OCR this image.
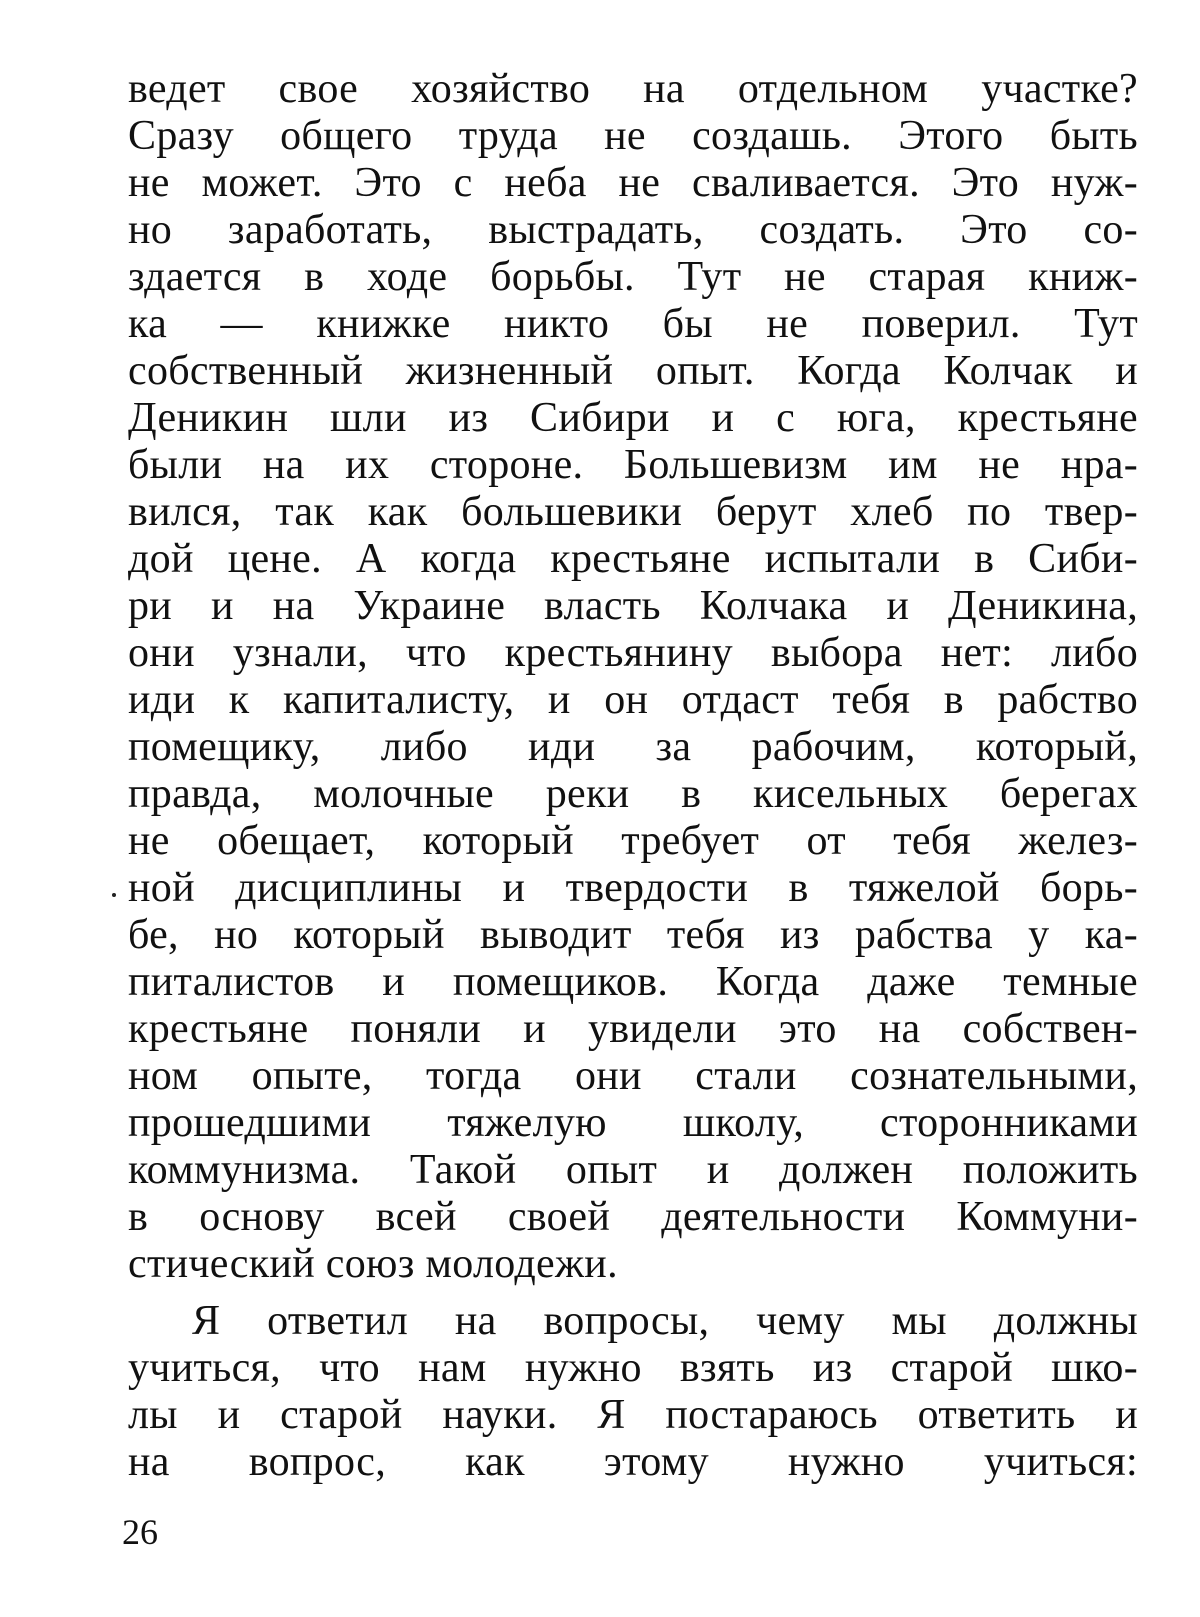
ведет свое хозяйство на отдельном участке?
Сразу общего труда не создашь. Этого быть
не может. Это с неба не сваливается. Это нуж-
но заработать, выстрадать, создать. Это со-
здается в ходе борьбы. Тут не старая книж-
ка — книжке никто бы не поверил. Тут
собственный жизненный опыт. Когда Колчак и
Деникин шли из Сибири и с юга, крестьяне
были на их стороне. Большевизм им не нра-
вился, так как большевики берут хлеб по твер-
дой цене. А когда крестьяне испытали в Сиби-
ри и на Украине власть Колчака и Деникина,
они узнали, что крестьянину выбора нет: либо
иди к капиталисту, и он отдаст тебя в рабство
помещику, либо иди за рабочим, который,
правда, молочные реки в кисельных берегах
не обещает, который требует от тебя желез-
ной дисциплины и твердости в тяжелой борь-
бе, но который выводит тебя из рабства у ка-
питалистов и помещиков. Когда даже темные
крестьяне поняли и увидели это на собствен-
ном опыте, тогда они стали сознательными,
прошедшими тяжелую школу, сторонниками
коммунизма. Такой опыт и должен положить
в основу всей своей деятельности Коммуни-
стический союз молодежи.
Я ответил на вопросы, чему мы должны
учиться, что нам нужно взять из старой шко-
лы и старой науки. Я постараюсь ответить и
на вопрос, как этому нужно учиться:
26
